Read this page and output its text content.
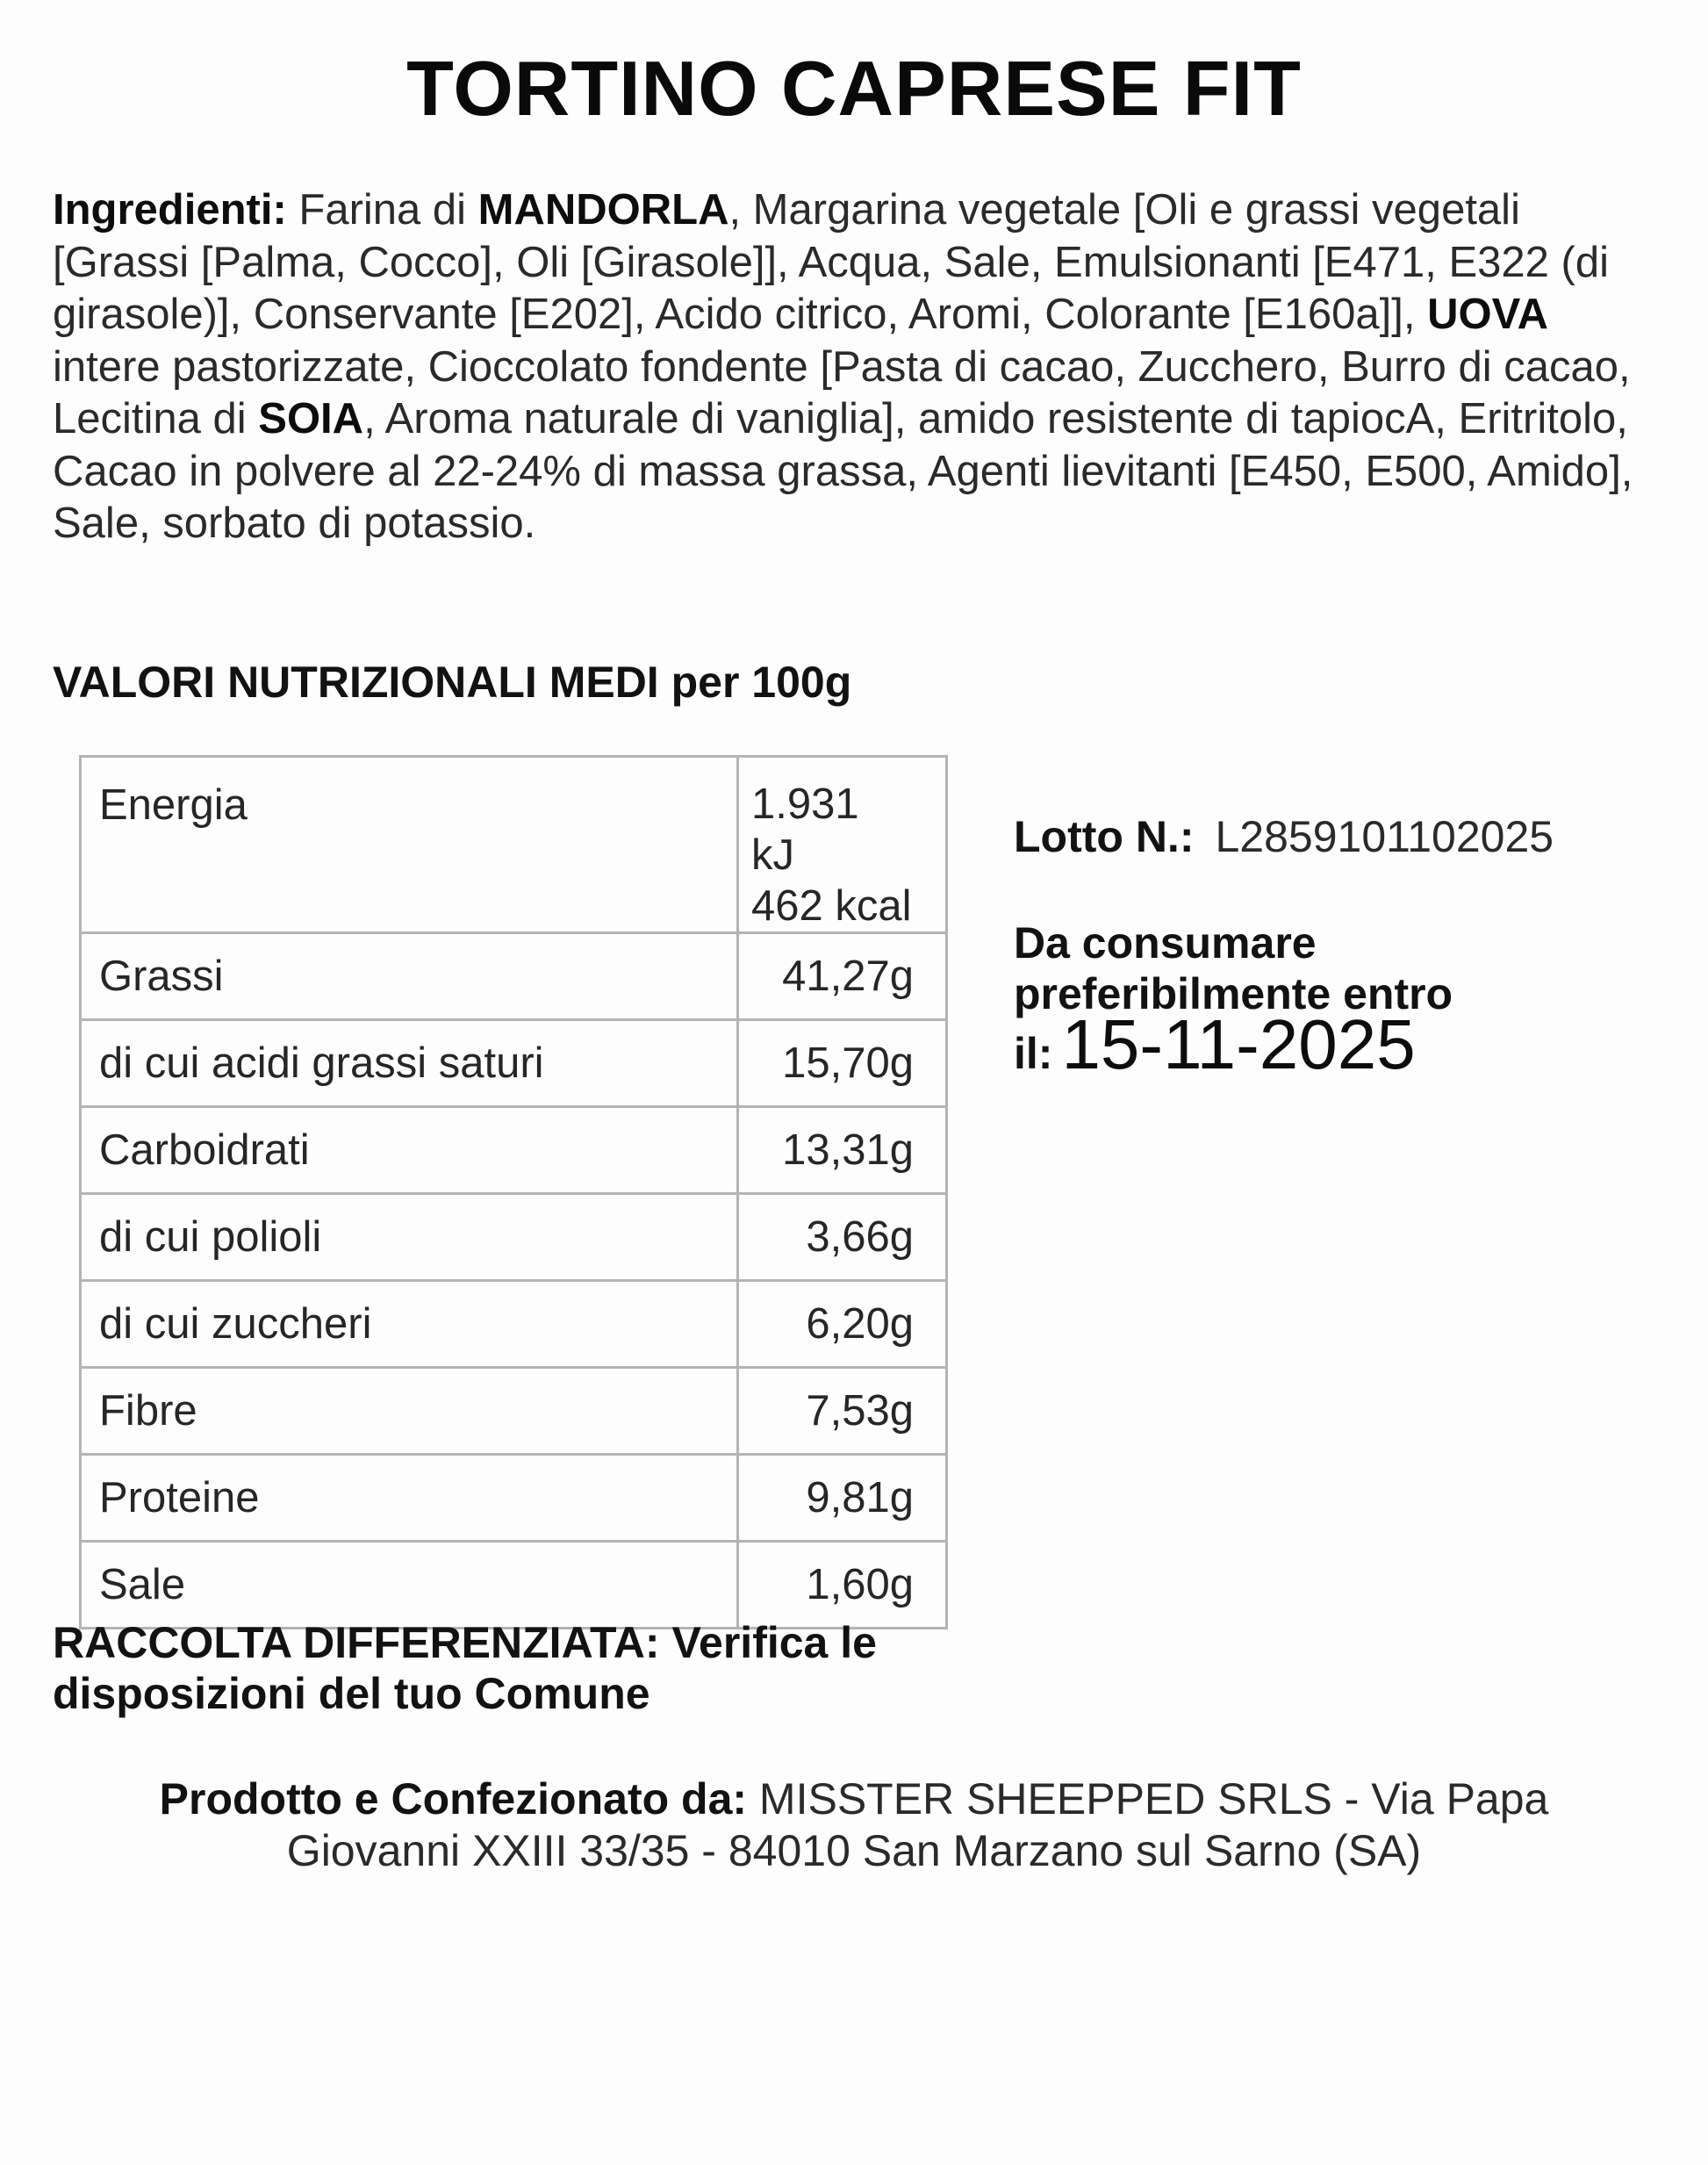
TORTINO CAPRESE FIT
Ingredienti: Farina di MANDORLA, Margarina vegetale [Oli e grassi vegetali [Grassi [Palma, Cocco], Oli [Girasole]], Acqua, Sale, Emulsionanti [E471, E322 (di girasole)], Conservante [E202], Acido citrico, Aromi, Colorante [E160a]], UOVA intere pastorizzate, Cioccolato fondente [Pasta di cacao, Zucchero, Burro di cacao, Lecitina di SOIA, Aroma naturale di vaniglia], amido resistente di tapiocA, Eritritolo, Cacao in polvere al 22-24% di massa grassa, Agenti lievitanti [E450, E500, Amido], Sale, sorbato di potassio.
VALORI NUTRIZIONALI MEDI per 100g
Energia	1.931 kJ
462 kcal

Grassi	41,27g
di cui acidi grassi saturi	15,70g
Carboidrati	13,31g
di cui polioli	3,66g
di cui zuccheri	6,20g
Fibre	7,53g
Proteine	9,81g
Sale	1,60g
Lotto N.: L2859101102025
Da consumare
preferibilmente entro
il: 15-11-2025
RACCOLTA DIFFERENZIATA: Verifica le disposizioni del tuo Comune
Prodotto e Confezionato da: MISSTER SHEEPPED SRLS - Via Papa
Giovanni XXIII 33/35 - 84010 San Marzano sul Sarno (SA)
